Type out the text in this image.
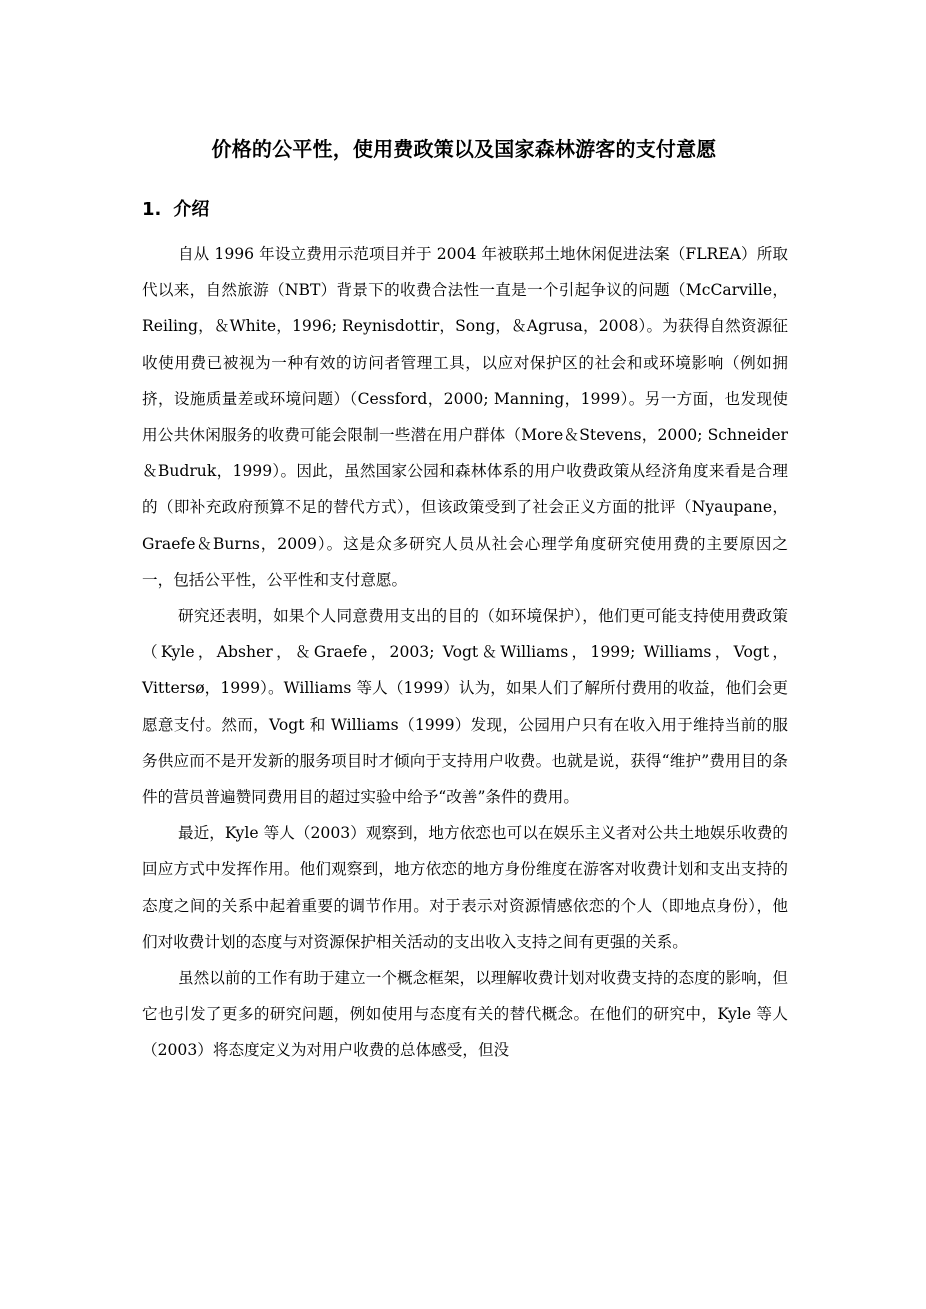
价格的公平性，使用费政策以及国家森林游客的支付意愿
1. 介绍

自从 1996 年设立费用示范项目并于 2004 年被联邦土地休闲促进法案（FLREA）所取代以来，自然旅游（NBT）背景下的收费合法性一直是一个引起争议的问题（McCarville，Reiling，＆White，1996; Reynisdottir，Song，＆Agrusa，2008）。为获得自然资源征收使用费已被视为一种有效的访问者管理工具，以应对保护区的社会和或环境影响（例如拥挤，设施质量差或环境问题）（Cessford，2000; Manning，1999）。另一方面，也发现使用公共休闲服务的收费可能会限制一些潜在用户群体（More＆Stevens，2000; Schneider＆Budruk，1999）。因此，虽然国家公园和森林体系的用户收费政策从经济角度来看是合理的（即补充政府预算不足的替代方式），但该政策受到了社会正义方面的批评（Nyaupane，Graefe＆Burns，2009）。这是众多研究人员从社会心理学角度研究使用费的主要原因之一，包括公平性，公平性和支付意愿。

研究还表明，如果个人同意费用支出的目的（如环境保护），他们更可能支持使用费政策（Kyle，Absher，＆Graefe，2003; Vogt＆Williams，1999; Williams，Vogt，Vittersø，1999）。Williams 等人（1999）认为，如果人们了解所付费用的收益，他们会更愿意支付。然而，Vogt 和 Williams（1999）发现，公园用户只有在收入用于维持当前的服务供应而不是开发新的服务项目时才倾向于支持用户收费。也就是说，获得“维护”费用目的条件的营员普遍赞同费用目的超过实验中给予“改善”条件的费用。

最近，Kyle 等人（2003）观察到，地方依恋也可以在娱乐主义者对公共土地娱乐收费的回应方式中发挥作用。他们观察到，地方依恋的地方身份维度在游客对收费计划和支出支持的态度之间的关系中起着重要的调节作用。对于表示对资源情感依恋的个人（即地点身份），他们对收费计划的态度与对资源保护相关活动的支出收入支持之间有更强的关系。

虽然以前的工作有助于建立一个概念框架，以理解收费计划对收费支持的态度的影响，但它也引发了更多的研究问题，例如使用与态度有关的替代概念。在他们的研究中，Kyle 等人（2003）将态度定义为对用户收费的总体感受，但没
